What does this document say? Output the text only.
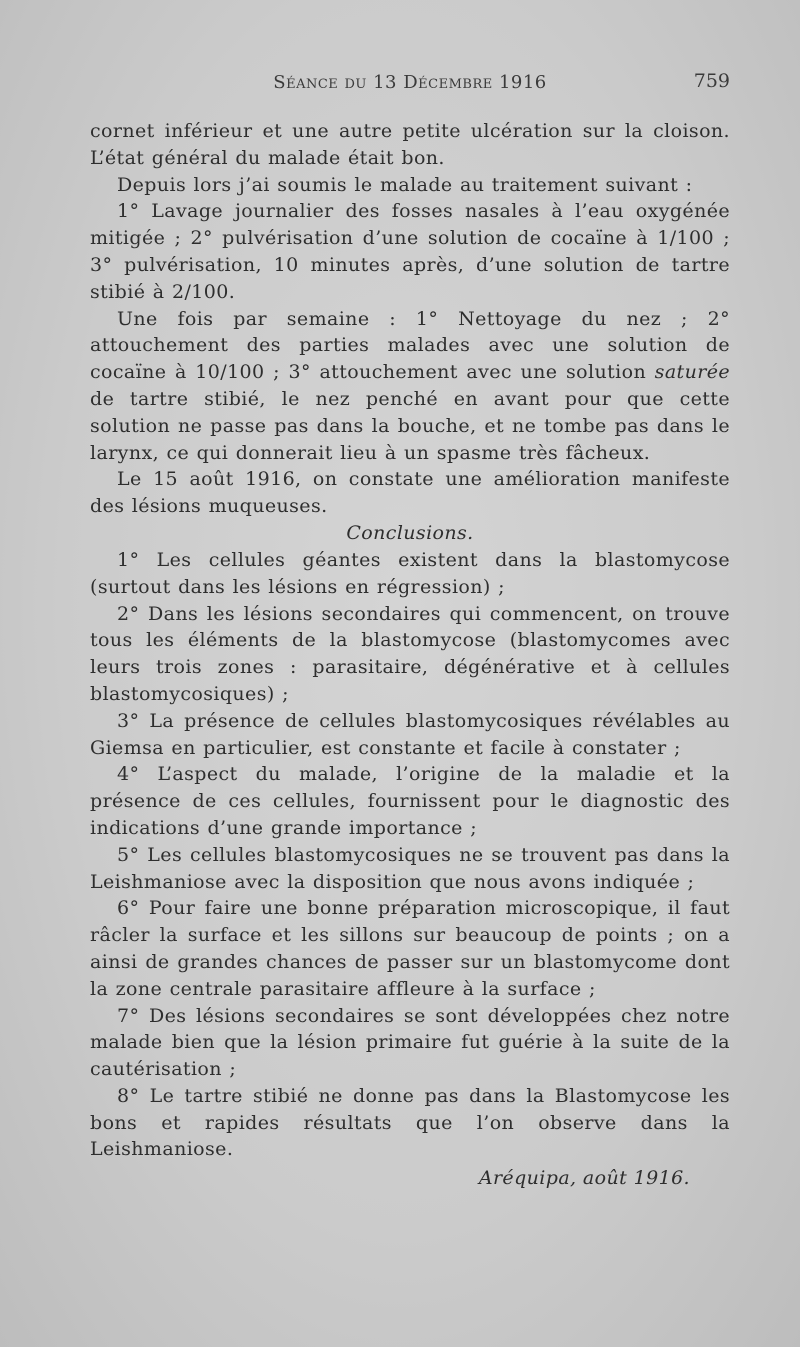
Séance du 13 Décembre 1916	759

cornet inférieur et une autre petite ulcération sur la cloison. L’état général du malade était bon.

Depuis lors j’ai soumis le malade au traitement suivant :

1° Lavage journalier des fosses nasales à l’eau oxygénée mitigée ; 2° pulvérisation d’une solution de cocaïne à 1/100 ; 3° pulvérisation, 10 minutes après, d’une solution de tartre stibié à 2/100.

Une fois par semaine : 1° Nettoyage du nez ; 2° attouchement des parties malades avec une solution de cocaïne à 10/100 ; 3° attouchement avec une solution saturée de tartre stibié, le nez penché en avant pour que cette solution ne passe pas dans la bouche, et ne tombe pas dans le larynx, ce qui donnerait lieu à un spasme très fâcheux.

Le 15 août 1916, on constate une amélioration manifeste des lésions muqueuses.

Conclusions.

1° Les cellules géantes existent dans la blastomycose (surtout dans les lésions en régression) ;

2° Dans les lésions secondaires qui commencent, on trouve tous les éléments de la blastomycose (blastomycomes avec leurs trois zones : parasitaire, dégénérative et à cellules blastomycosiques) ;

3° La présence de cellules blastomycosiques révélables au Giemsa en particulier, est constante et facile à constater ;

4° L’aspect du malade, l’origine de la maladie et la présence de ces cellules, fournissent pour le diagnostic des indications d’une grande importance ;

5° Les cellules blastomycosiques ne se trouvent pas dans la Leishmaniose avec la disposition que nous avons indiquée ;

6° Pour faire une bonne préparation microscopique, il faut râcler la surface et les sillons sur beaucoup de points ; on a ainsi de grandes chances de passer sur un blastomycome dont la zone centrale parasitaire affleure à la surface ;

7° Des lésions secondaires se sont développées chez notre malade bien que la lésion primaire fut guérie à la suite de la cautérisation ;

8° Le tartre stibié ne donne pas dans la Blastomycose les bons et rapides résultats que l’on observe dans la Leishmaniose.

Aréquipa, août 1916.
